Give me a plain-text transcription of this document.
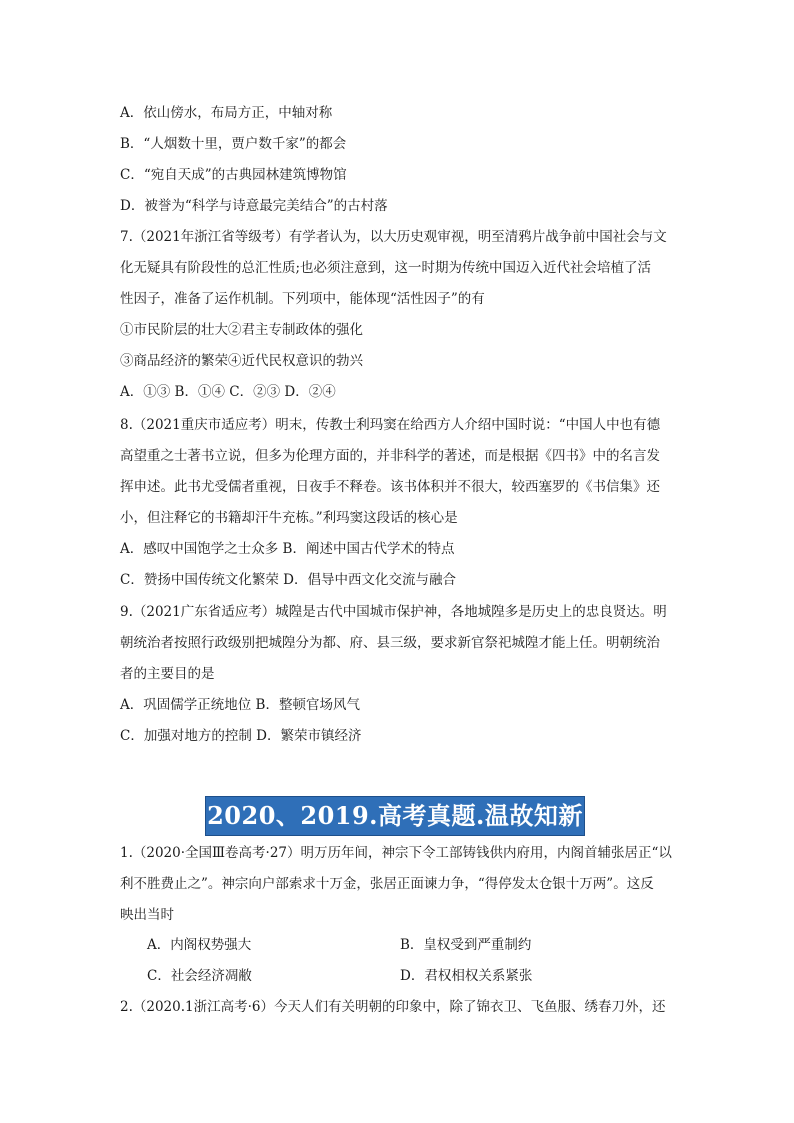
A．依山傍水，布局方正，中轴对称

B．“人烟数十里，贾户数千家”的都会

C．“宛自天成”的古典园林建筑博物馆

D．被誉为“科学与诗意最完美结合”的古村落

7.（2021年浙江省等级考）有学者认为，以大历史观审视，明至清鸦片战争前中国社会与文

化无疑具有阶段性的总汇性质;也必须注意到，这一时期为传统中国迈入近代社会培植了活

性因子，准备了运作机制。下列项中，能体现“活性因子”的有

①市民阶层的壮大②君主专制政体的强化

③商品经济的繁荣④近代民权意识的勃兴

A．①③ B．①④ C．②③ D．②④

8.（2021重庆市适应考）明末，传教士利玛窦在给西方人介绍中国时说：“中国人中也有德

高望重之士著书立说，但多为伦理方面的，并非科学的著述，而是根据《四书》中的名言发

挥申述。此书尤受儒者重视，日夜手不释卷。该书体积并不很大，较西塞罗的《书信集》还

小，但注释它的书籍却汗牛充栋。”利玛窦这段话的核心是

A．感叹中国饱学之士众多 B．阐述中国古代学术的特点

C．赞扬中国传统文化繁荣 D．倡导中西文化交流与融合

9.（2021广东省适应考）城隍是古代中国城市保护神，各地城隍多是历史上的忠良贤达。明

朝统治者按照行政级别把城隍分为都、府、县三级，要求新官祭祀城隍才能上任。明朝统治

者的主要目的是

A．巩固儒学正统地位 B．整顿官场风气

C．加强对地方的控制 D．繁荣市镇经济

2020、2019.高考真题.温故知新

1.（2020·全国Ⅲ卷高考·27）明万历年间，神宗下令工部铸钱供内府用，内阁首辅张居正“以

利不胜费止之”。神宗向户部索求十万金，张居正面谏力争，“得停发太仓银十万两”。这反

映出当时

A．内阁权势强大	B．皇权受到严重制约

C．社会经济凋敝	D．君权相权关系紧张

2.（2020.1浙江高考·6）今天人们有关明朝的印象中，除了锦衣卫、飞鱼服、绣春刀外，还
